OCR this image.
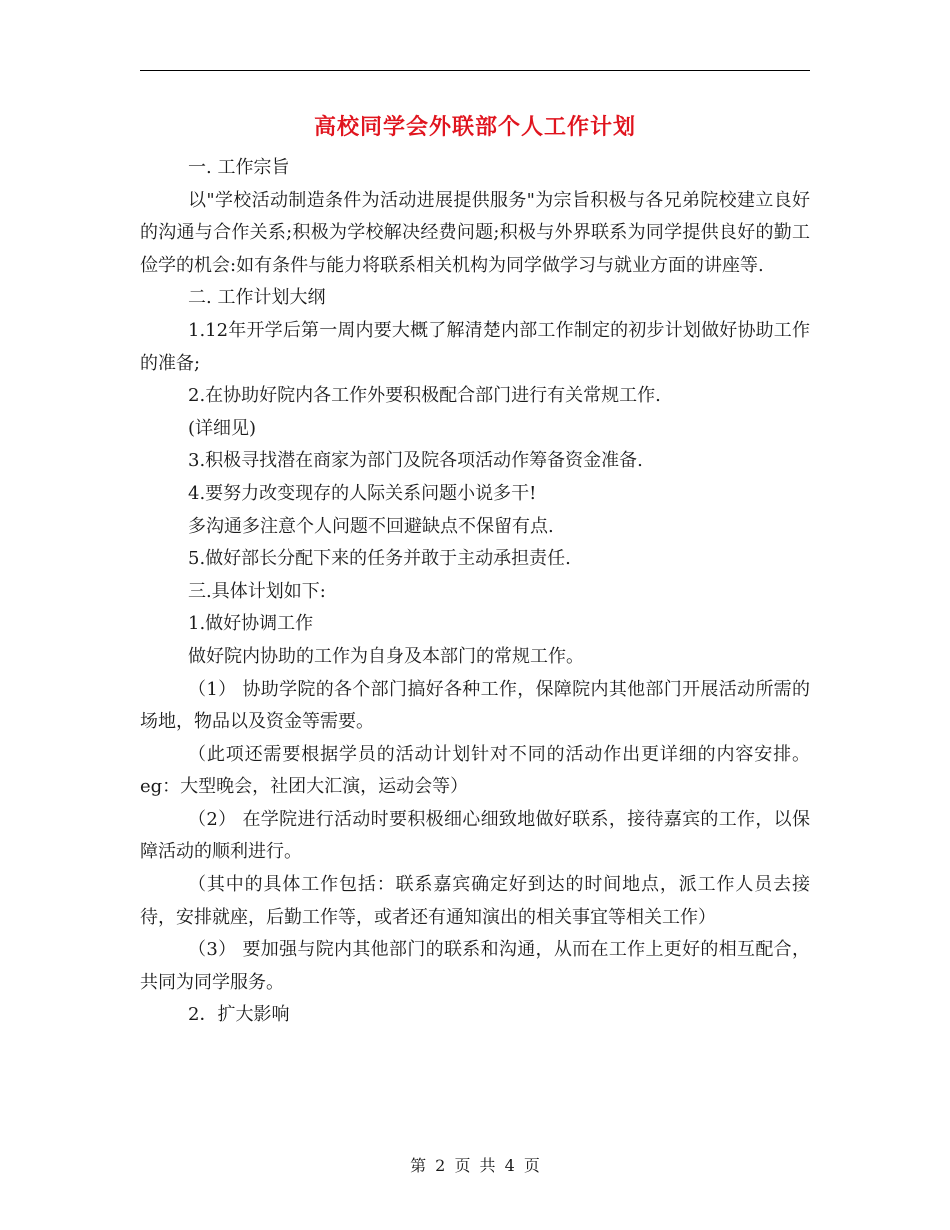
高校同学会外联部个人工作计划

一. 工作宗旨

以"学校活动制造条件为活动进展提供服务"为宗旨积极与各兄弟院校建立良好的沟通与合作关系;积极为学校解决经费问题;积极与外界联系为同学提供良好的勤工俭学的机会:如有条件与能力将联系相关机构为同学做学习与就业方面的讲座等.

二. 工作计划大纲

1.12年开学后第一周内要大概了解清楚内部工作制定的初步计划做好协助工作的准备;

2.在协助好院内各工作外要积极配合部门进行有关常规工作.

(详细见)

3.积极寻找潜在商家为部门及院各项活动作筹备资金准备.

4.要努力改变现存的人际关系问题小说多干!

多沟通多注意个人问题不回避缺点不保留有点.

5.做好部长分配下来的任务并敢于主动承担责任.

三.具体计划如下:

1.做好协调工作

做好院内协助的工作为自身及本部门的常规工作。

（1） 协助学院的各个部门搞好各种工作，保障院内其他部门开展活动所需的场地，物品以及资金等需要。

（此项还需要根据学员的活动计划针对不同的活动作出更详细的内容安排。eg：大型晚会，社团大汇演，运动会等）

（2） 在学院进行活动时要积极细心细致地做好联系，接待嘉宾的工作，以保障活动的顺利进行。

（其中的具体工作包括：联系嘉宾确定好到达的时间地点，派工作人员去接待，安排就座，后勤工作等，或者还有通知演出的相关事宜等相关工作）

（3） 要加强与院内其他部门的联系和沟通，从而在工作上更好的相互配合，共同为同学服务。

2．扩大影响

第 2 页 共 4 页
